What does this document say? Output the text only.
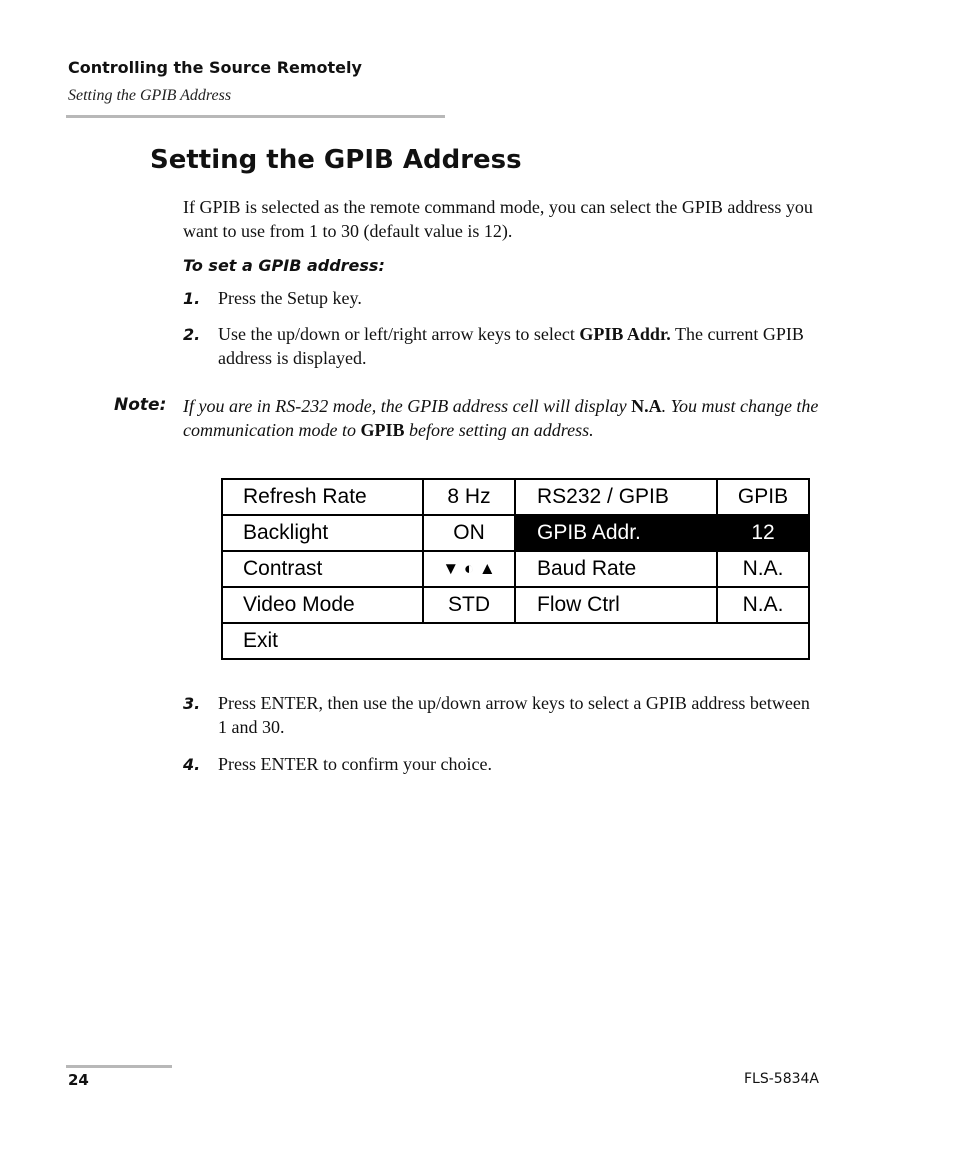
Controlling the Source Remotely
Setting the GPIB Address
Setting the GPIB Address
If GPIB is selected as the remote command mode, you can select the GPIB address you want to use from 1 to 30 (default value is 12).
To set a GPIB address:
1. Press the Setup key.
2. Use the up/down or left/right arrow keys to select GPIB Addr. The current GPIB address is displayed.
Note: If you are in RS-232 mode, the GPIB address cell will display N.A. You must change the communication mode to GPIB before setting an address.
Refresh Rate	8 Hz	RS232 / GPIB	GPIB
Backlight	ON	GPIB Addr.	12
Contrast	▼ ◐ ▲	Baud Rate	N.A.
Video Mode	STD	Flow Ctrl	N.A.
Exit			
3. Press ENTER, then use the up/down arrow keys to select a GPIB address between 1 and 30.
4. Press ENTER to confirm your choice.
24	FLS-5834A
